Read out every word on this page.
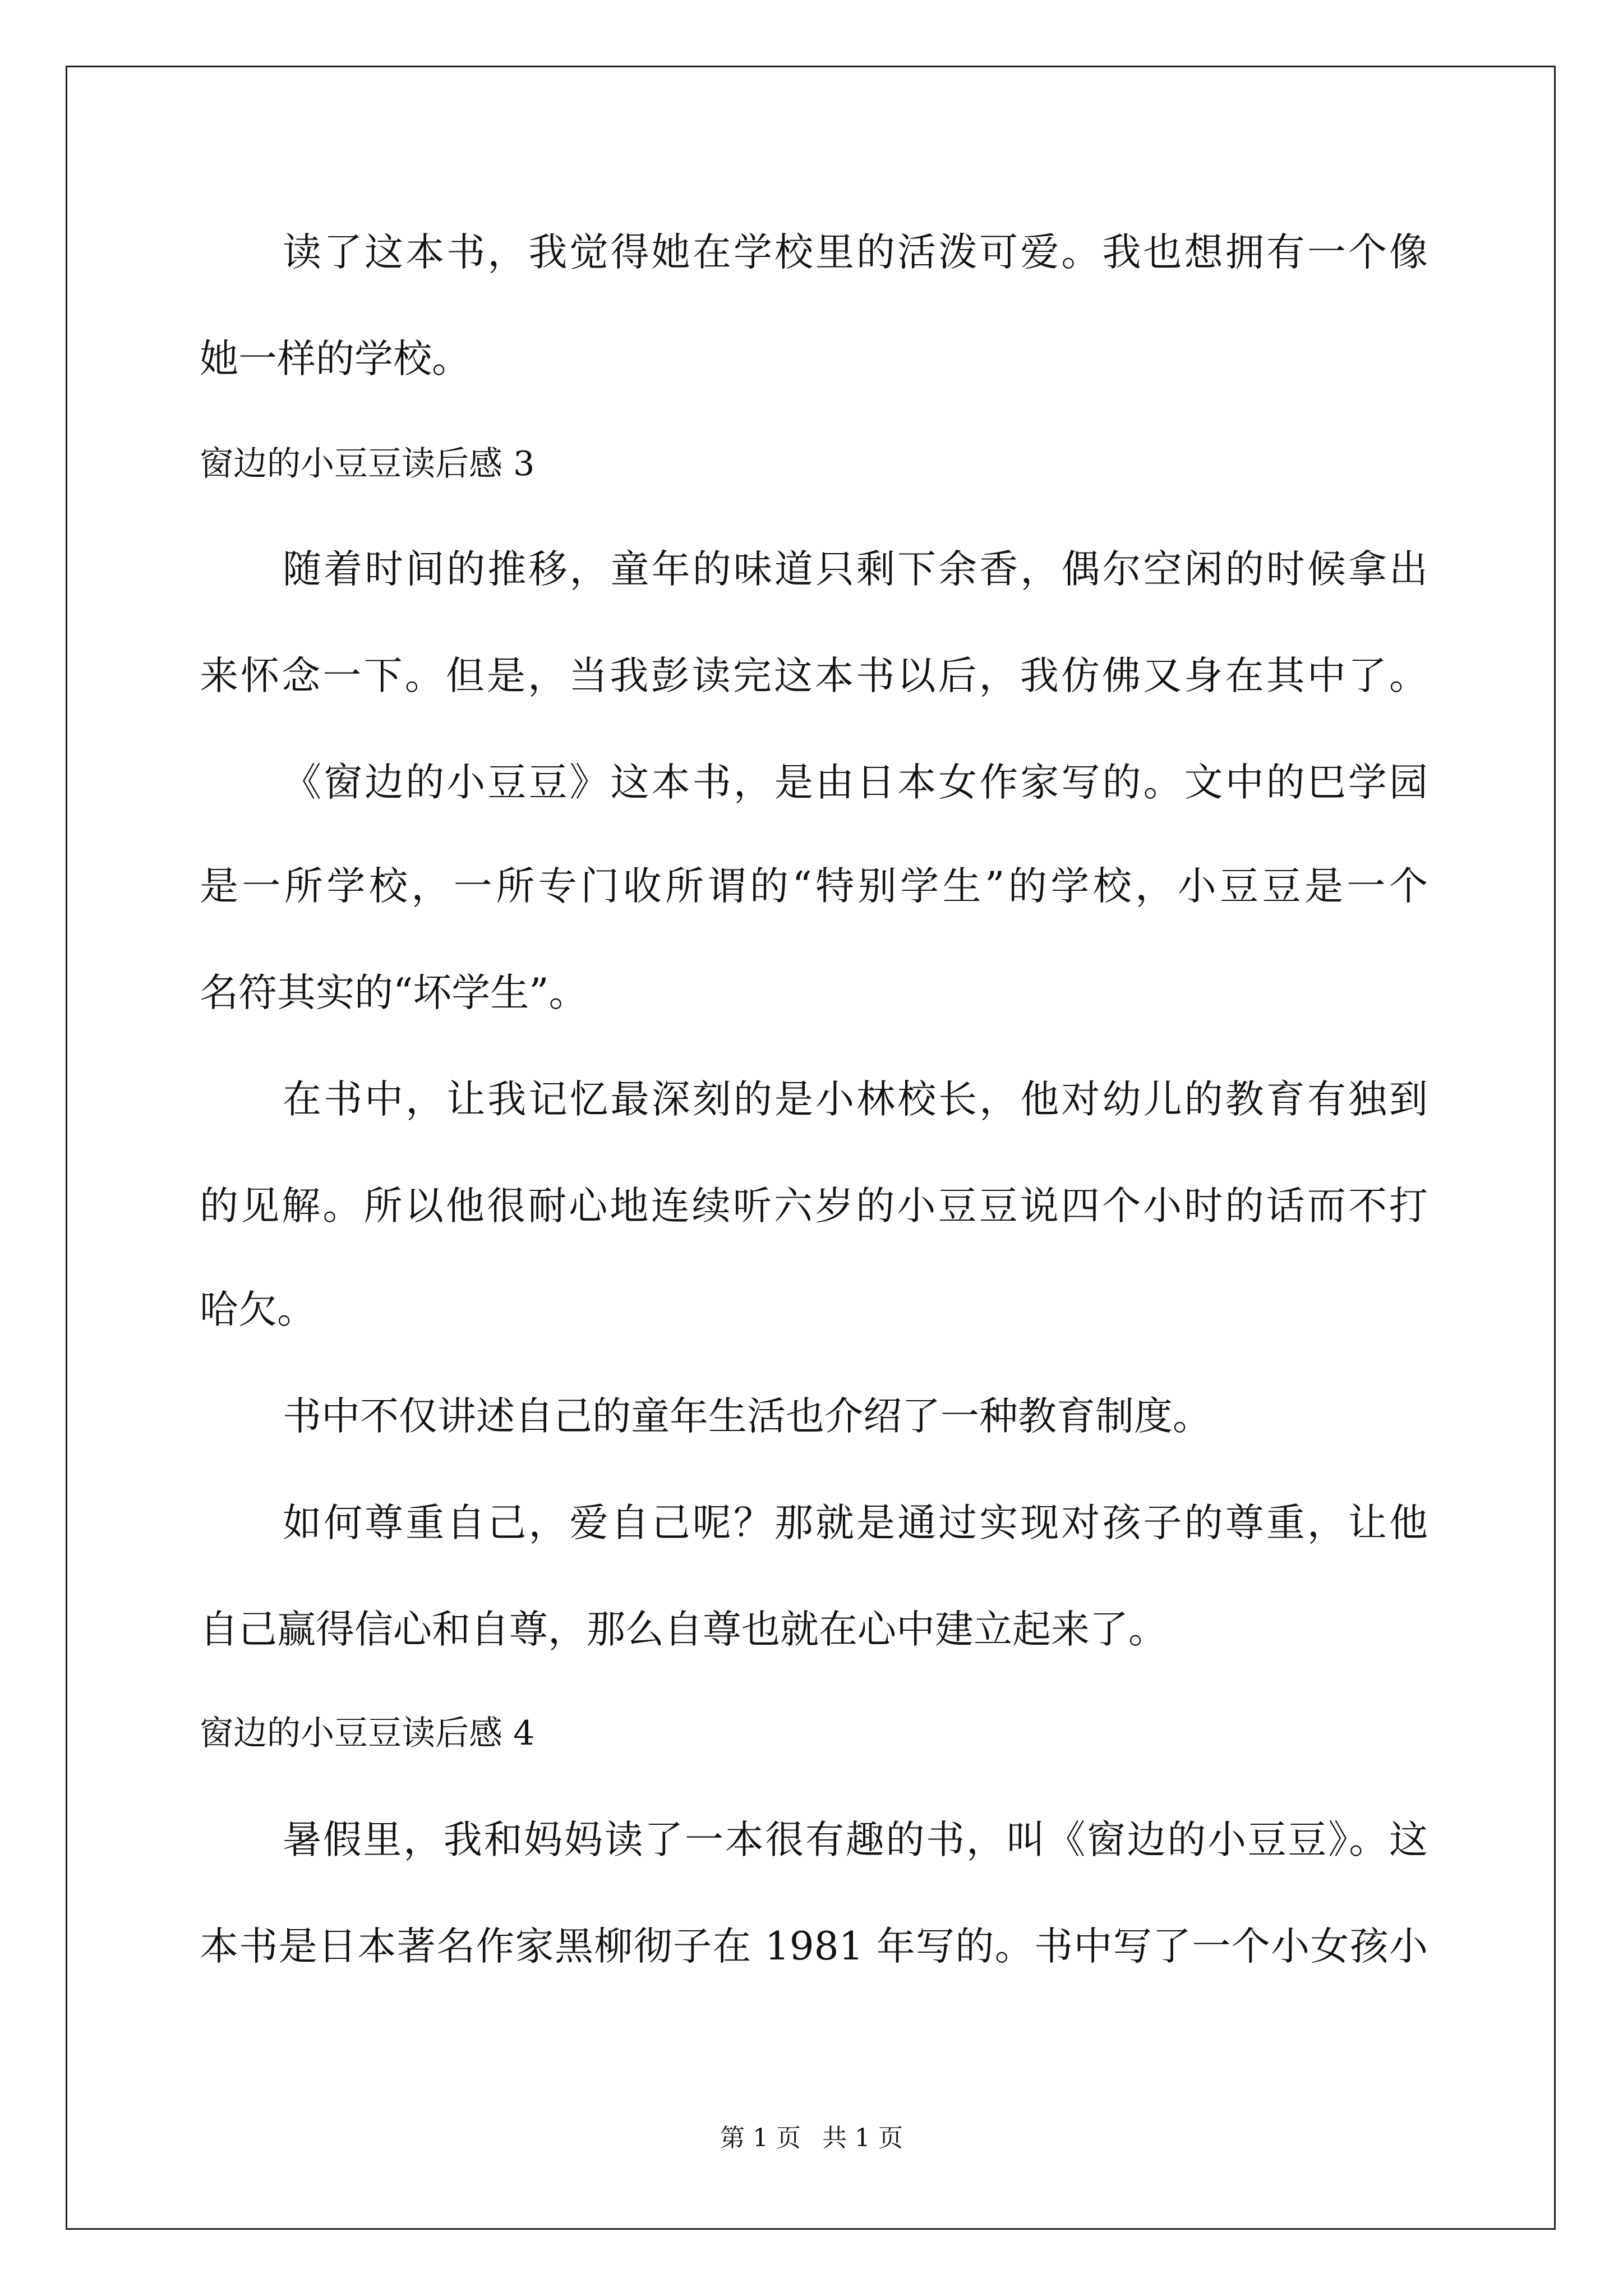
读了这本书，我觉得她在学校里的活泼可爱。我也想拥有一个像
她一样的学校。
窗边的小豆豆读后感 3
随着时间的推移，童年的味道只剩下余香，偶尔空闲的时候拿出
来怀念一下。但是，当我彭读完这本书以后，我仿佛又身在其中了。
《窗边的小豆豆》这本书，是由日本女作家写的。文中的巴学园
是一所学校，一所专门收所谓的“特别学生”的学校，小豆豆是一个
名符其实的“坏学生”。
在书中，让我记忆最深刻的是小林校长，他对幼儿的教育有独到
的见解。所以他很耐心地连续听六岁的小豆豆说四个小时的话而不打
哈欠。
书中不仅讲述自己的童年生活也介绍了一种教育制度。
如何尊重自己，爱自己呢？那就是通过实现对孩子的尊重，让他
自己赢得信心和自尊，那么自尊也就在心中建立起来了。
窗边的小豆豆读后感 4
暑假里，我和妈妈读了一本很有趣的书，叫《窗边的小豆豆》。这
本书是日本著名作家黑柳彻子在 1981 年写的。书中写了一个小女孩小
第 1 页 共 1 页
